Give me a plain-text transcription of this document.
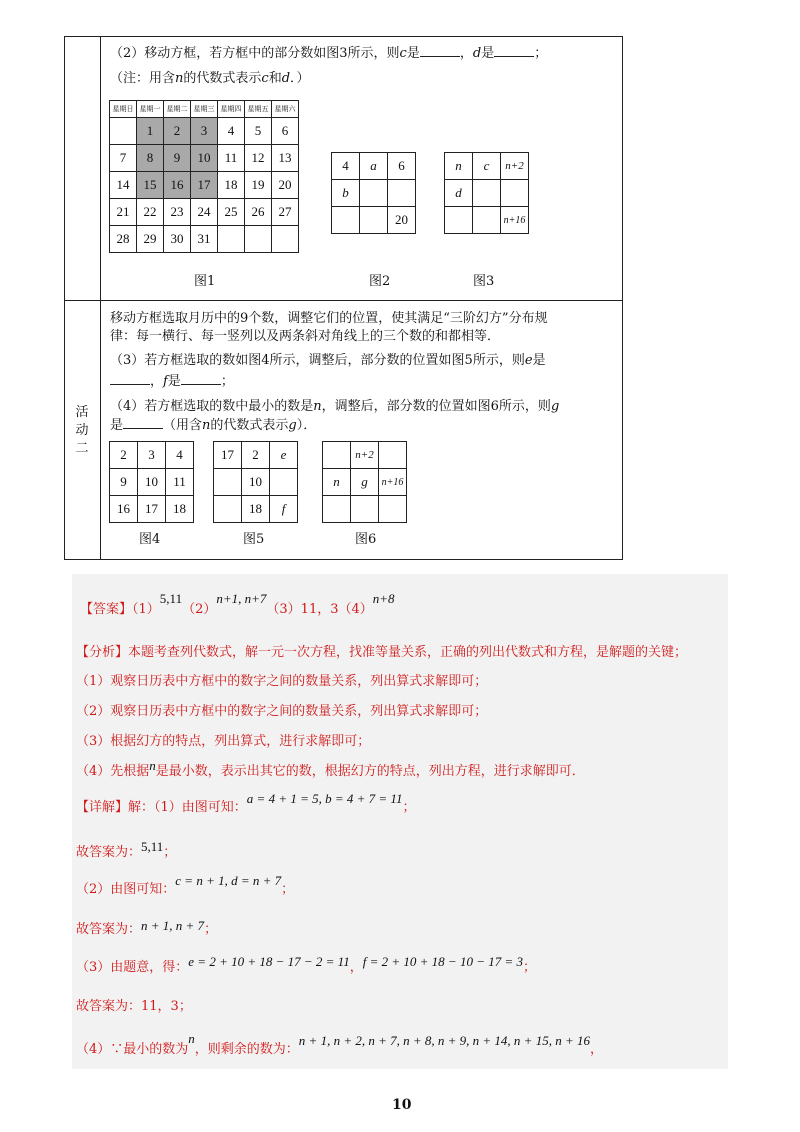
（2）移动方框，若方框中的部分数如图3所示，则c是	，d是	；
（注：用含n的代数式表示c和d．）
星期日	星期一	星期二	星期三	星期四	星期五	星期六
	1	2	3	4	5	6
7	8	9	10	11	12	13
14	15	16	17	18	19	20
21	22	23	24	25	26	27
28	29	30	31			
4	a	6
b		
		20
n	c	n+2
d		
		n+16
图1	图2	图3
活
动
二
移动方框选取月历中的9个数，调整它们的位置，使其满足“三阶幻方”分布规
律：每一横行、每一竖列以及两条斜对角线上的三个数的和都相等．
（3）若方框选取的数如图4所示，调整后，部分数的位置如图5所示，则e是
，f是	；
（4）若方框选取的数中最小的数是n，调整后，部分数的位置如图6所示，则g
是	（用含n的代数式表示g）．
2	3	4
9	10	11
16	17	18
17	2	e
	10	
	18	f
	n+2	
n	g	n+16

图4	图5	图6
【答案】（1）5,11（2）n+1, n+7（3）11，3（4）n+8
【分析】本题考查列代数式，解一元一次方程，找准等量关系，正确的列出代数式和方程，是解题的关键；
（1）观察日历表中方框中的数字之间的数量关系，列出算式求解即可；
（2）观察日历表中方框中的数字之间的数量关系，列出算式求解即可；
（3）根据幻方的特点，列出算式，进行求解即可；
（4）先根据n是最小数，表示出其它的数，根据幻方的特点，列出方程，进行求解即可．
【详解】解：（1）由图可知：a = 4 + 1 = 5, b = 4 + 7 = 11；
故答案为：5,11；
（2）由图可知：c = n + 1, d = n + 7；
故答案为：n + 1, n + 7；
（3）由题意，得：e = 2 + 10 + 18 − 17 − 2 = 11，f = 2 + 10 + 18 − 10 − 17 = 3；
故答案为：11，3；
（4）∵最小的数为n，则剩余的数为：n + 1, n + 2, n + 7, n + 8, n + 9, n + 14, n + 15, n + 16，
10
